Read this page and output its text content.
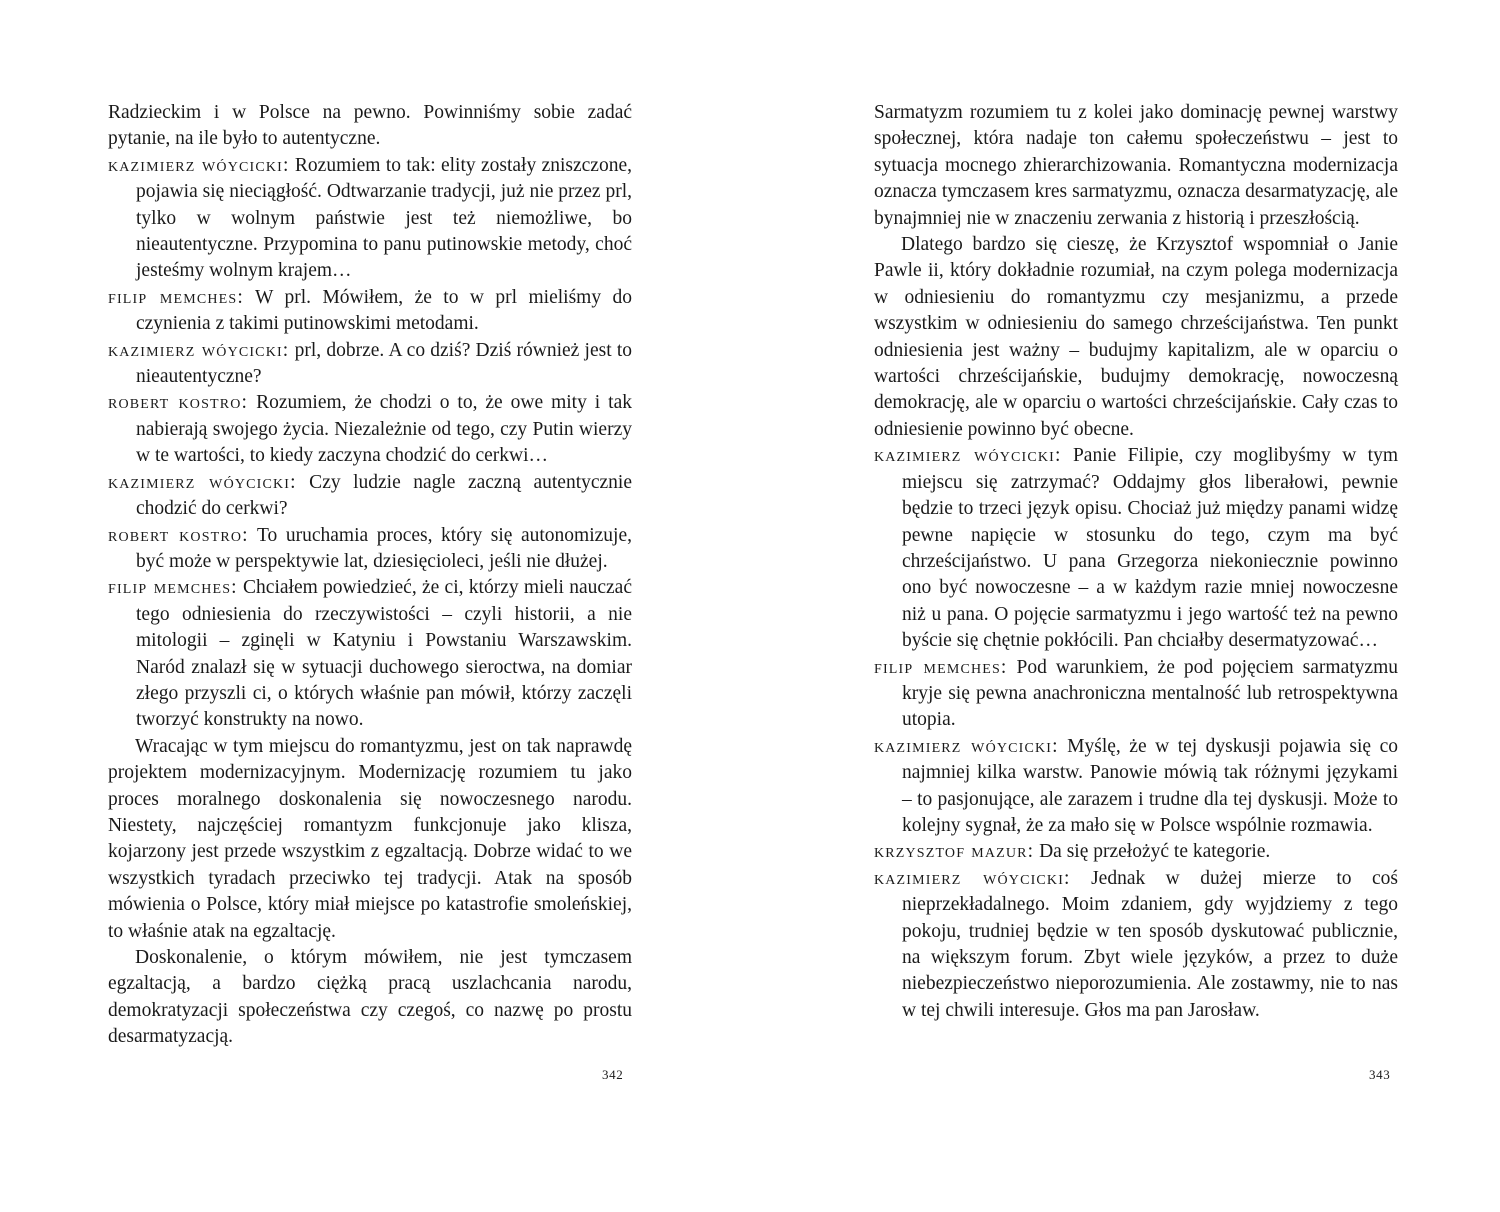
Radzieckim i w Polsce na pewno. Powinniśmy sobie zadać pytanie, na ile było to autentyczne.

kazimierz wóycicki: Rozumiem to tak: elity zostały zniszczone, pojawia się nieciągłość. Odtwarzanie tradycji, już nie przez prl, tylko w wolnym państwie jest też niemożliwe, bo nieautentyczne. Przypomina to panu putinowskie metody, choć jesteśmy wolnym krajem…

filip memches: W prl. Mówiłem, że to w prl mieliśmy do czynienia z takimi putinowskimi metodami.

kazimierz wóycicki: prl, dobrze. A co dziś? Dziś również jest to nieautentyczne?

robert kostro: Rozumiem, że chodzi o to, że owe mity i tak nabierają swojego życia. Niezależnie od tego, czy Putin wierzy w te wartości, to kiedy zaczyna chodzić do cerkwi…

kazimierz wóycicki: Czy ludzie nagle zaczną autentycznie chodzić do cerkwi?

robert kostro: To uruchamia proces, który się autonomizuje, być może w perspektywie lat, dziesięcioleci, jeśli nie dłużej.

filip memches: Chciałem powiedzieć, że ci, którzy mieli nauczać tego odniesienia do rzeczywistości – czyli historii, a nie mitologii – zginęli w Katyniu i Powstaniu Warszawskim. Naród znalazł się w sytuacji duchowego sieroctwa, na domiar złego przyszli ci, o których właśnie pan mówił, którzy zaczęli tworzyć konstrukty na nowo.

Wracając w tym miejscu do romantyzmu, jest on tak naprawdę projektem modernizacyjnym. Modernizację rozumiem tu jako proces moralnego doskonalenia się nowoczesnego narodu. Niestety, najczęściej romantyzm funkcjonuje jako klisza, kojarzony jest przede wszystkim z egzaltacją. Dobrze widać to we wszystkich tyradach przeciwko tej tradycji. Atak na sposób mówienia o Polsce, który miał miejsce po katastrofie smoleńskiej, to właśnie atak na egzaltację.

Doskonalenie, o którym mówiłem, nie jest tymczasem egzaltacją, a bardzo ciężką pracą uszlachcania narodu, demokratyzacji społeczeństwa czy czegoś, co nazwę po prostu desarmatyzacją.

Sarmatyzm rozumiem tu z kolei jako dominację pewnej warstwy społecznej, która nadaje ton całemu społeczeństwu – jest to sytuacja mocnego zhierarchizowania. Romantyczna modernizacja oznacza tymczasem kres sarmatyzmu, oznacza desarmatyzację, ale bynajmniej nie w znaczeniu zerwania z historią i przeszłością.

Dlatego bardzo się cieszę, że Krzysztof wspomniał o Janie Pawle ii, który dokładnie rozumiał, na czym polega modernizacja w odniesieniu do romantyzmu czy mesjanizmu, a przede wszystkim w odniesieniu do samego chrześcijaństwa. Ten punkt odniesienia jest ważny – budujmy kapitalizm, ale w oparciu o wartości chrześcijańskie, budujmy demokrację, nowoczesną demokrację, ale w oparciu o wartości chrześcijańskie. Cały czas to odniesienie powinno być obecne.

kazimierz wóycicki: Panie Filipie, czy moglibyśmy w tym miejscu się zatrzymać? Oddajmy głos liberałowi, pewnie będzie to trzeci język opisu. Chociaż już między panami widzę pewne napięcie w stosunku do tego, czym ma być chrześcijaństwo. U pana Grzegorza niekoniecznie powinno ono być nowoczesne – a w każdym razie mniej nowoczesne niż u pana. O pojęcie sarmatyzmu i jego wartość też na pewno byście się chętnie pokłócili. Pan chciałby desermatyzować…

filip memches: Pod warunkiem, że pod pojęciem sarmatyzmu kryje się pewna anachroniczna mentalność lub retrospektywna utopia.

kazimierz wóycicki: Myślę, że w tej dyskusji pojawia się co najmniej kilka warstw. Panowie mówią tak różnymi językami – to pasjonujące, ale zarazem i trudne dla tej dyskusji. Może to kolejny sygnał, że za mało się w Polsce wspólnie rozmawia.

krzysztof mazur: Da się przełożyć te kategorie.

kazimierz wóycicki: Jednak w dużej mierze to coś nieprzekładalnego. Moim zdaniem, gdy wyjdziemy z tego pokoju, trudniej będzie w ten sposób dyskutować publicznie, na większym forum. Zbyt wiele języków, a przez to duże niebezpieczeństwo nieporozumienia. Ale zostawmy, nie to nas w tej chwili interesuje. Głos ma pan Jarosław.

342	343
